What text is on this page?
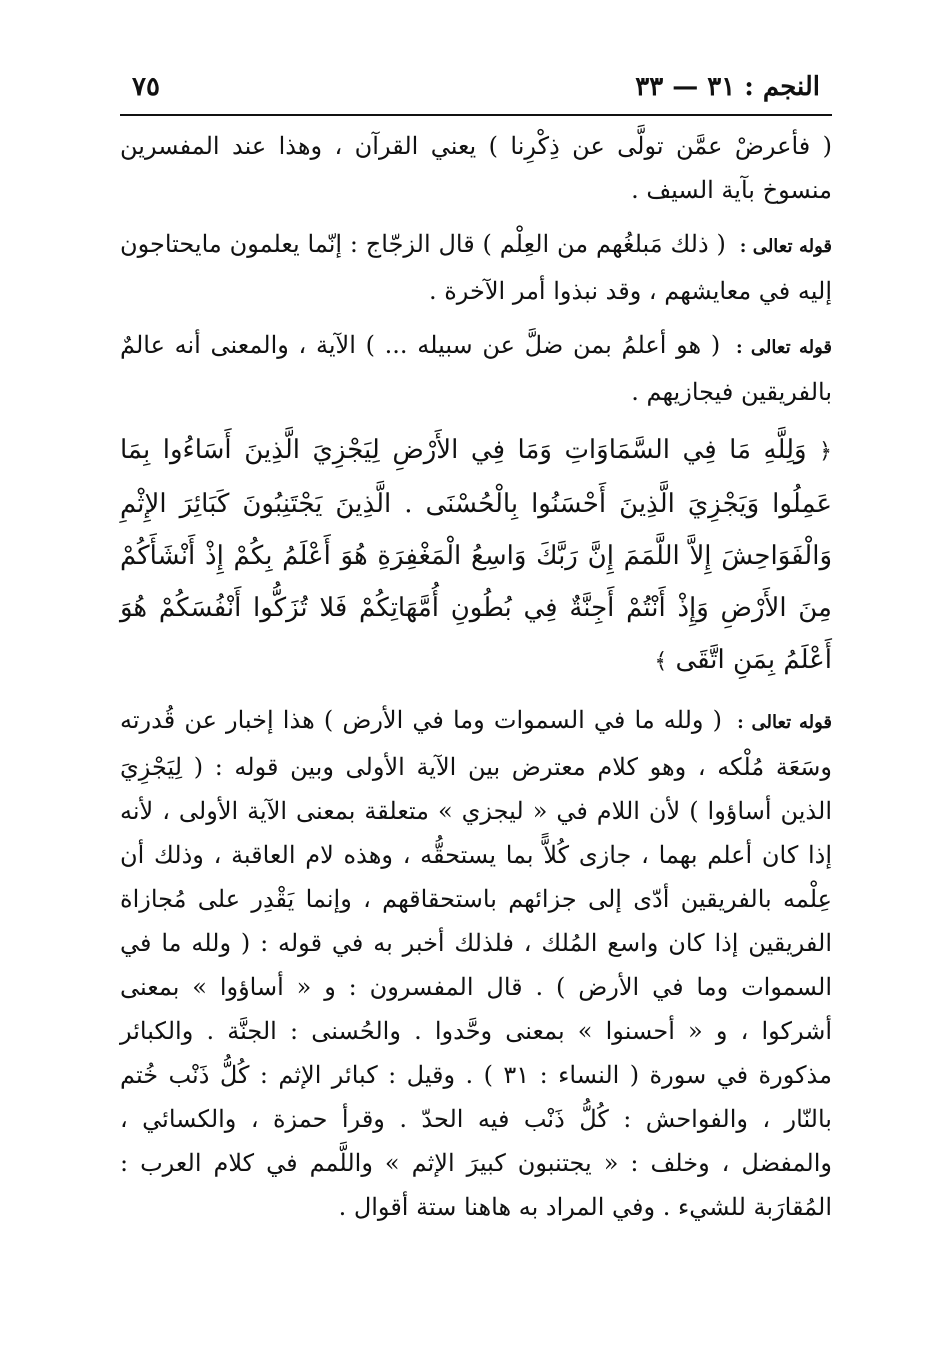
النجم : ٣١ — ٣٣
٧٥

( فأعرضْ عمَّن تولَّى عن ذِكْرِنا ) يعني القرآن ، وهذا عند المفسرين منسوخ بآية السيف .

قوله تعالى : ( ذلك مَبلغُهم من العِلْم ) قال الزجّاج : إنّما يعلمون مايحتاجون إليه في معايشهم ، وقد نبذوا أمر الآخرة .

قوله تعالى : ( هو أعلمُ بمن ضلَّ عن سبيله ... ) الآية ، والمعنى أنه عالمٌ بالفريقين فيجازيهم .

﴿ وَلِلَّهِ مَا فِي السَّمَاوَاتِ وَمَا فِي الأَرْضِ لِيَجْزِيَ الَّذِينَ أَسَاءُوا بِمَا عَمِلُوا وَيَجْزِيَ الَّذِينَ أَحْسَنُوا بِالْحُسْنَى . الَّذِينَ يَجْتَنِبُونَ كَبَائِرَ الإِثْمِ وَالْفَوَاحِشَ إِلاَّ اللَّمَمَ إِنَّ رَبَّكَ وَاسِعُ الْمَغْفِرَةِ هُوَ أَعْلَمُ بِكُمْ إِذْ أَنْشَأَكُمْ مِنَ الأَرْضِ وَإِذْ أَنْتُمْ أَجِنَّةٌ فِي بُطُونِ أُمَّهَاتِكُمْ فَلا تُزَكُّوا أَنْفُسَكُمْ هُوَ أَعْلَمُ بِمَنِ اتَّقَى ﴾

قوله تعالى : ( ولله ما في السموات وما في الأرض ) هذا إخبار عن قُدرته وسَعَة مُلْكه ، وهو كلام معترض بين الآية الأولى وبين قوله : ( لِيَجْزِيَ الذين أساؤوا ) لأن اللام في « ليجزي » متعلقة بمعنى الآية الأولى ، لأنه إذا كان أعلم بهما ، جازى كُلاًّ بما يستحقُّه ، وهذه لام العاقبة ، وذلك أن عِلْمه بالفريقين أدّى إلى جزائهم باستحقاقهم ، وإنما يَقْدِر على مُجازاة الفريقين إذا كان واسع المُلك ، فلذلك أخبر به في قوله : ( ولله ما في السموات وما في الأرض ) . قال المفسرون : و « أساؤوا » بمعنى أشركوا ، و « أحسنوا » بمعنى وحَّدوا . والحُسنى : الجنَّة . والكبائر مذكورة في سورة ( النساء : ٣١ ) . وقيل : كبائر الإثم : كُلُّ ذَنْب خُتم بالنّار ، والفواحش : كُلُّ ذَنْب فيه الحدّ . وقرأ حمزة ، والكسائي ، والمفضل ، وخلف : « يجتنبون كبيرَ الإثم » واللَّمم في كلام العرب : المُقارَبة للشيء . وفي المراد به هاهنا ستة أقوال .
